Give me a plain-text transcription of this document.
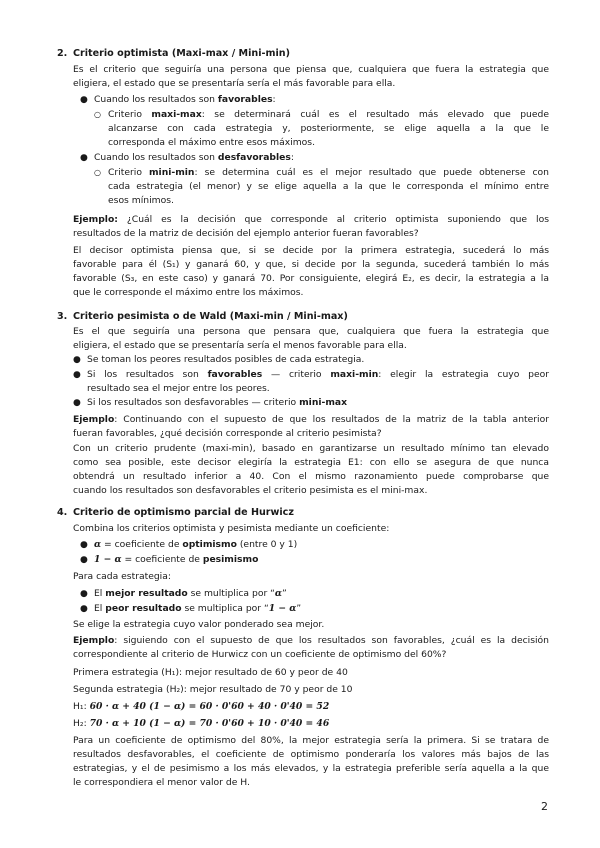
2. Criterio optimista (Maxi-max / Mini-min)
Es el criterio que seguiría una persona que piensa que, cualquiera que fuera la estrategia que
eligiera, el estado que se presentaría sería el más favorable para ella.
● Cuando los resultados son favorables:
○ Criterio maxi-max: se determinará cuál es el resultado más elevado que puede
alcanzarse con cada estrategia y, posteriormente, se elige aquella a la que le
corresponda el máximo entre esos máximos.
● Cuando los resultados son desfavorables:
○ Criterio mini-min: se determina cuál es el mejor resultado que puede obtenerse con
cada estrategia (el menor) y se elige aquella a la que le corresponda el mínimo entre
esos mínimos.
Ejemplo: ¿Cuál es la decisión que corresponde al criterio optimista suponiendo que los
resultados de la matriz de decisión del ejemplo anterior fueran favorables?
El decisor optimista piensa que, si se decide por la primera estrategia, sucederá lo más
favorable para él (S₁) y ganará 60, y que, si decide por la segunda, sucederá también lo más
favorable (S₃, en este caso) y ganará 70. Por consiguiente, elegirá E₂, es decir, la estrategia a la
que le corresponde el máximo entre los máximos.
3. Criterio pesimista o de Wald (Maxi-min / Mini-max)
Es el que seguiría una persona que pensara que, cualquiera que fuera la estrategia que
eligiera, el estado que se presentaría sería el menos favorable para ella.
● Se toman los peores resultados posibles de cada estrategia.
● Si los resultados son favorables — criterio maxi-min: elegir la estrategia cuyo peor
resultado sea el mejor entre los peores.
● Si los resultados son desfavorables — criterio mini-max
Ejemplo: Continuando con el supuesto de que los resultados de la matriz de la tabla anterior
fueran favorables, ¿qué decisión corresponde al criterio pesimista?
Con un criterio prudente (maxi-min), basado en garantizarse un resultado mínimo tan elevado
como sea posible, este decisor elegiría la estrategia E1: con ello se asegura de que nunca
obtendrá un resultado inferior a 40. Con el mismo razonamiento puede comprobarse que
cuando los resultados son desfavorables el criterio pesimista es el mini-max.
4. Criterio de optimismo parcial de Hurwicz
Combina los criterios optimista y pesimista mediante un coeficiente:
● α = coeficiente de optimismo (entre 0 y 1)
● 1 − α = coeficiente de pesimismo
Para cada estrategia:
● El mejor resultado se multiplica por “α”
● El peor resultado se multiplica por “1 − α”
Se elige la estrategia cuyo valor ponderado sea mejor.
Ejemplo: siguiendo con el supuesto de que los resultados son favorables, ¿cuál es la decisión
correspondiente al criterio de Hurwicz con un coeficiente de optimismo del 60%?
Primera estrategia (H₁): mejor resultado de 60 y peor de 40
Segunda estrategia (H₂): mejor resultado de 70 y peor de 10
H₁: 60 · α + 40 (1 − α) = 60 · 0'60 + 40 · 0'40 = 52
H₂: 70 · α + 10 (1 − α) = 70 · 0'60 + 10 · 0'40 = 46
Para un coeficiente de optimismo del 80%, la mejor estrategia sería la primera. Si se tratara de
resultados desfavorables, el coeficiente de optimismo ponderaría los valores más bajos de las
estrategias, y el de pesimismo a los más elevados, y la estrategia preferible sería aquella a la que
le correspondiera el menor valor de H.
2
